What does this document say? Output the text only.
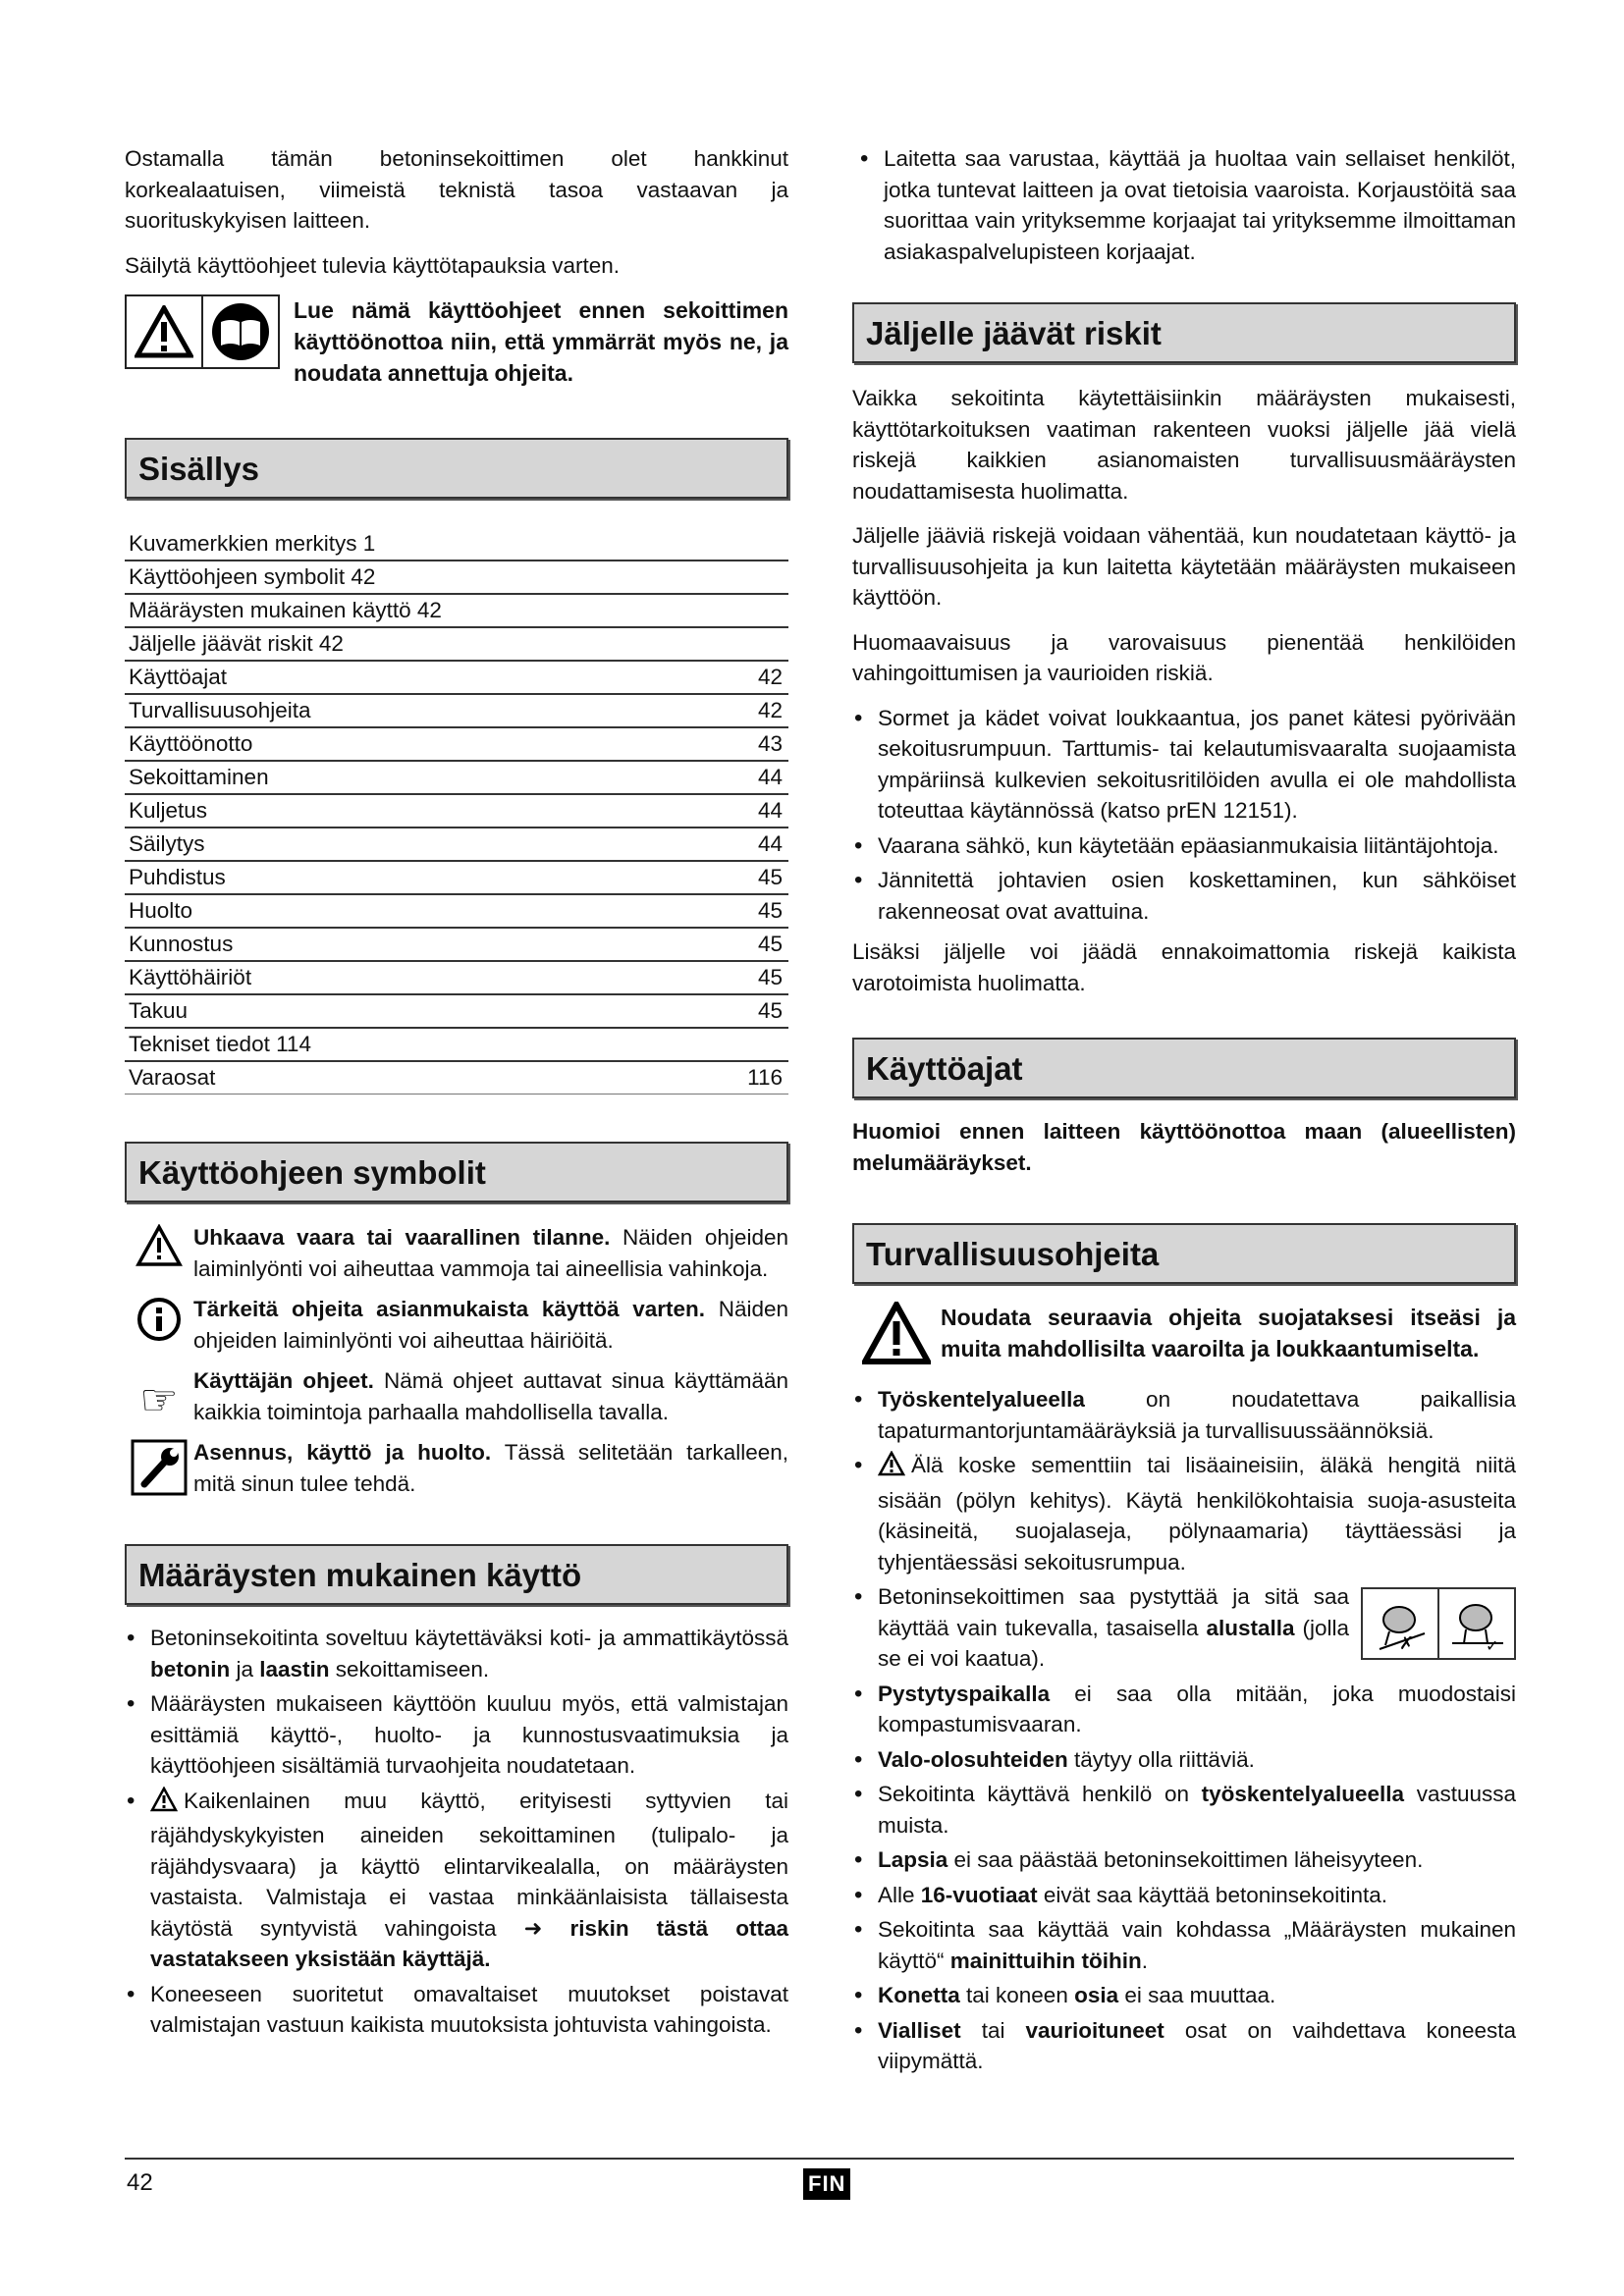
Ostamalla tämän betoninsekoittimen olet hankkinut korkealaatuisen, viimeistä teknistä tasoa vastaavan ja suorituskykyisen laitteen.

Säilytä käyttöohjeet tulevia käyttötapauksia varten.

Lue nämä käyttöohjeet ennen sekoittimen käyttöönottoa niin, että ymmärrät myös ne, ja noudata annettuja ohjeita.
Sisällys
Kuvamerkkien merkitys 1
Käyttöohjeen symbolit 42
Määräysten mukainen käyttö 42
Jäljelle jäävät riskit 42
Käyttöajat	42
Turvallisuusohjeita	42
Käyttöönotto	43
Sekoittaminen	44
Kuljetus	44
Säilytys	44
Puhdistus	45
Huolto	45
Kunnostus	45
Käyttöhäiriöt	45
Takuu	45
Tekniset tiedot 114
Varaosat	116
Käyttöohjeen symbolit
Uhkaava vaara tai vaarallinen tilanne. Näiden ohjeiden laiminlyönti voi aiheuttaa vammoja tai aineellisia vahinkoja.
Tärkeitä ohjeita asianmukaista käyttöä varten. Näiden ohjeiden laiminlyönti voi aiheuttaa häiriöitä.
☞ Käyttäjän ohjeet. Nämä ohjeet auttavat sinua käyttämään kaikkia toimintoja parhaalla mahdollisella tavalla.
Asennus, käyttö ja huolto. Tässä selitetään tarkalleen, mitä sinun tulee tehdä.
Määräysten mukainen käyttö
• Betoninsekoitinta soveltuu käytettäväksi koti- ja ammattikäytössä betonin ja laastin sekoittamiseen.
• Määräysten mukaiseen käyttöön kuuluu myös, että valmistajan esittämiä käyttö-, huolto- ja kunnostusvaatimuksia ja käyttöohjeen sisältämiä turvaohjeita noudatetaan.
• Kaikenlainen muu käyttö, erityisesti syttyvien tai räjähdyskykyisten aineiden sekoittaminen (tulipalo- ja räjähdysvaara) ja käyttö elintarvikealalla, on määräysten vastaista. Valmistaja ei vastaa minkäänlaisista tällaisesta käytöstä syntyvistä vahingoista ➜ riskin tästä ottaa vastatakseen yksistään käyttäjä.
• Koneeseen suoritetut omavaltaiset muutokset poistavat valmistajan vastuun kaikista muutoksista johtuvista vahingoista.
• Laitetta saa varustaa, käyttää ja huoltaa vain sellaiset henkilöt, jotka tuntevat laitteen ja ovat tietoisia vaaroista. Korjaustöitä saa suorittaa vain yrityksemme korjaajat tai yrityksemme ilmoittaman asiakaspalvelupisteen korjaajat.
Jäljelle jäävät riskit

Vaikka sekoitinta käytettäisiinkin määräysten mukaisesti, käyttötarkoituksen vaatiman rakenteen vuoksi jäljelle jää vielä riskejä kaikkien asianomaisten turvallisuusmääräysten noudattamisesta huolimatta.

Jäljelle jääviä riskejä voidaan vähentää, kun noudatetaan käyttö- ja turvallisuusohjeita ja kun laitetta käytetään määräysten mukaiseen käyttöön.

Huomaavaisuus ja varovaisuus pienentää henkilöiden vahingoittumisen ja vaurioiden riskiä.

• Sormet ja kädet voivat loukkaantua, jos panet kätesi pyörivään sekoitusrumpuun. Tarttumis- tai kelautumisvaaralta suojaamista ympäriinsä kulkevien sekoitusritilöiden avulla ei ole mahdollista toteuttaa käytännössä (katso prEN 12151).
• Vaarana sähkö, kun käytetään epäasianmukaisia liitäntäjohtoja.
• Jännitettä johtavien osien koskettaminen, kun sähköiset rakenneosat ovat avattuina.

Lisäksi jäljelle voi jäädä ennakoimattomia riskejä kaikista varotoimista huolimatta.

Käyttöajat

Huomioi ennen laitteen käyttöönottoa maan (alueellisten) melumääräykset.

Turvallisuusohjeita
Noudata seuraavia ohjeita suojataksesi itseäsi ja muita mahdollisilta vaaroilta ja loukkaantumiselta.
• Työskentelyalueella on noudatettava paikallisia tapaturmantorjuntamääräyksiä ja turvallisuussäännöksiä.
• Älä koske sementtiin tai lisäaineisiin, äläkä hengitä niitä sisään (pölyn kehitys). Käytä henkilökohtaisia suoja-asusteita (käsineitä, suojalaseja, pölynaamaria) täyttäessäsi ja tyhjentäessäsi sekoitusrumpua.
• ✗	✓
Betoninsekoittimen saa pystyttää ja sitä saa käyttää vain tukevalla, tasaisella alustalla (jolla se ei voi kaatua).
• Pystytyspaikalla ei saa olla mitään, joka muodostaisi kompastumisvaaran.
• Valo-olosuhteiden täytyy olla riittäviä.
• Sekoitinta käyttävä henkilö on työskentelyalueella vastuussa muista.
• Lapsia ei saa päästää betoninsekoittimen läheisyyteen.
• Alle 16-vuotiaat eivät saa käyttää betoninsekoitinta.
• Sekoitinta saa käyttää vain kohdassa „Määräysten mukainen käyttö“ mainittuihin töihin.
• Konetta tai koneen osia ei saa muuttaa.
• Vialliset tai vaurioituneet osat on vaihdettava koneesta viipymättä.
42	FIN
